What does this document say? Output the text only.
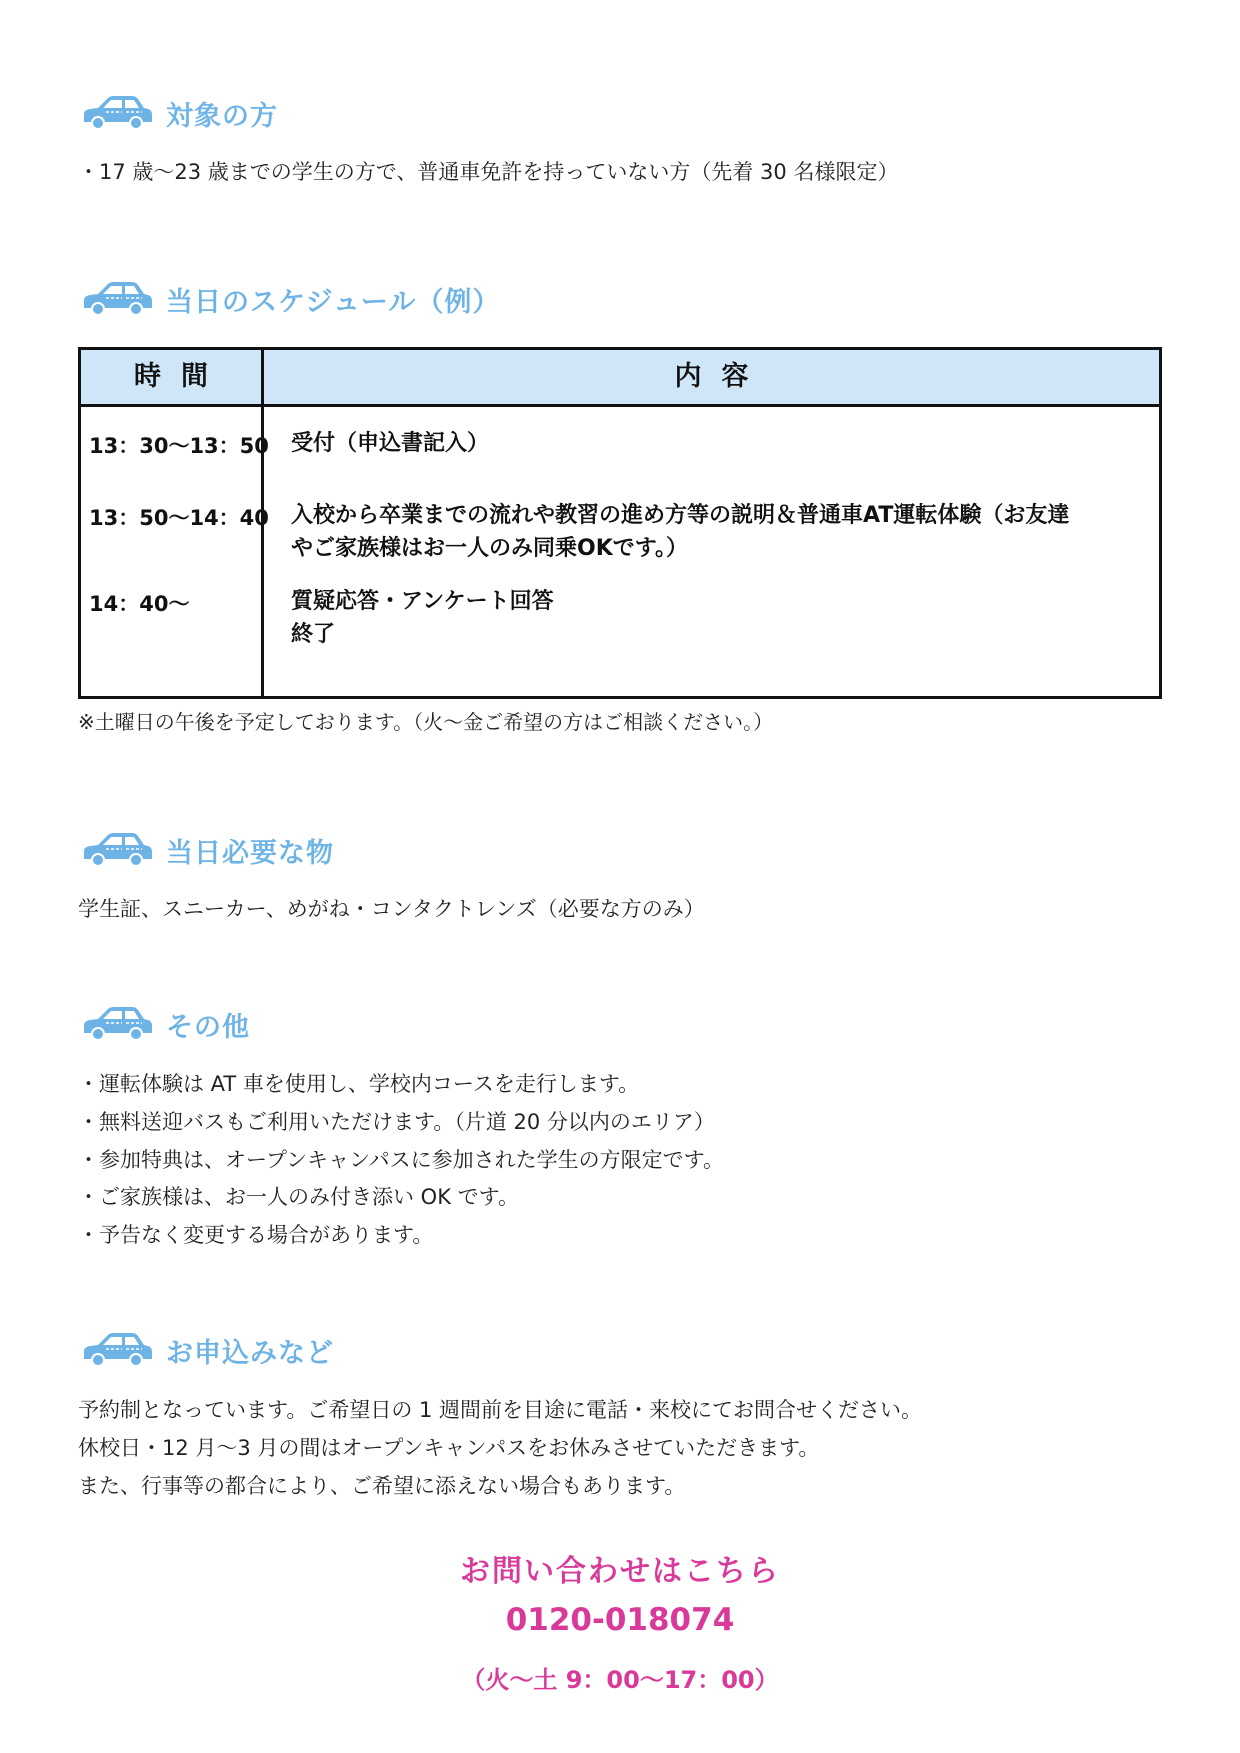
対象の方
・17 歳〜23 歳までの学生の方で、普通車免許を持っていない方（先着 30 名様限定）
当日のスケジュール（例）
時間	内容
13：30〜13：50 受付（申込書記入）
13：50〜14：40 入校から卒業までの流れや教習の進め方等の説明＆普通車AT運転体験（お友達
やご家族様はお一人のみ同乗OKです。）
14：40〜	質疑応答・アンケート回答
終了
※土曜日の午後を予定しております。（火〜金ご希望の方はご相談ください。）
当日必要な物
学生証、スニーカー、めがね・コンタクトレンズ（必要な方のみ）
その他
・運転体験は AT 車を使用し、学校内コースを走行します。
・無料送迎バスもご利用いただけます。（片道 20 分以内のエリア）
・参加特典は、オープンキャンパスに参加された学生の方限定です。
・ご家族様は、お一人のみ付き添い OK です。
・予告なく変更する場合があります。
お申込みなど
予約制となっています。ご希望日の 1 週間前を目途に電話・来校にてお問合せください。
休校日・12 月〜3 月の間はオープンキャンパスをお休みさせていただきます。
また、行事等の都合により、ご希望に添えない場合もあります。
お問い合わせはこちら
0120-018074
（火〜土 9：00〜17：00）
